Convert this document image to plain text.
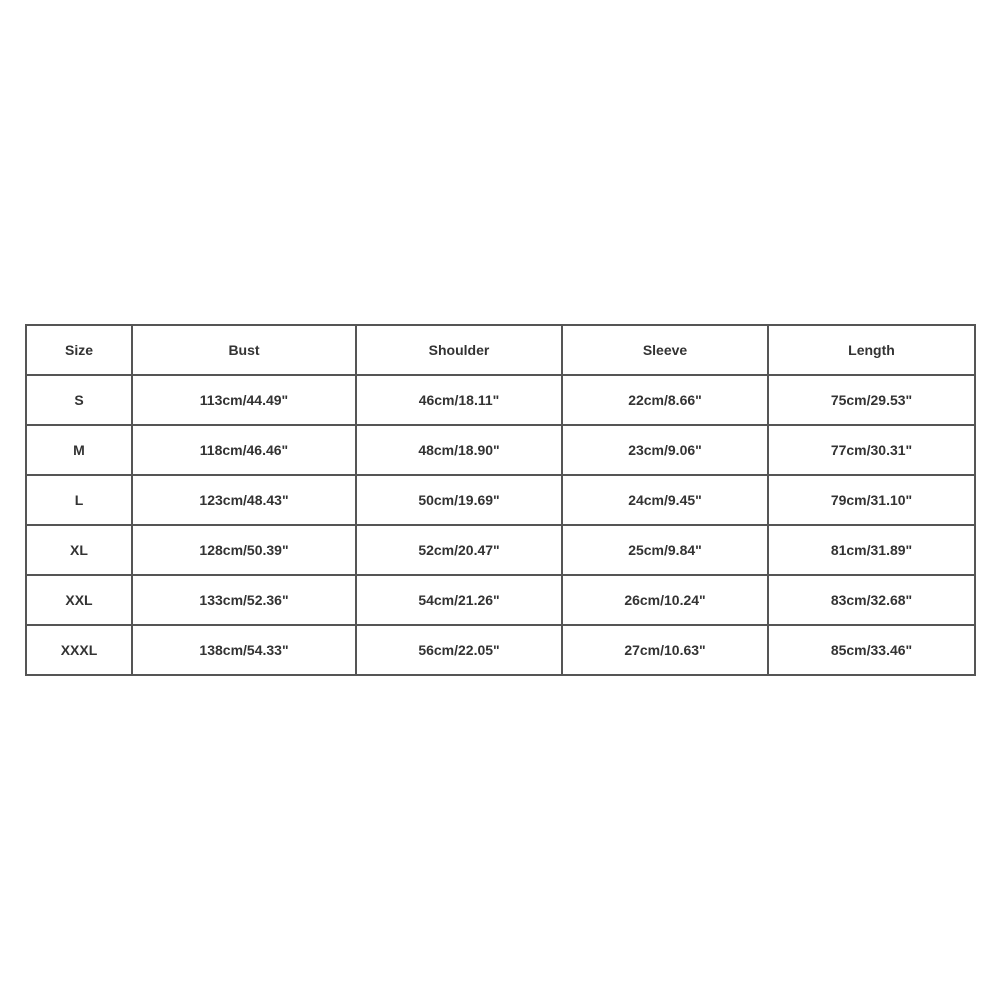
Size	Bust	Shoulder	Sleeve	Length
S	113cm/44.49"	46cm/18.11"	22cm/8.66"	75cm/29.53"
M	118cm/46.46"	48cm/18.90"	23cm/9.06"	77cm/30.31"
L	123cm/48.43"	50cm/19.69"	24cm/9.45"	79cm/31.10"
XL	128cm/50.39"	52cm/20.47"	25cm/9.84"	81cm/31.89"
XXL	133cm/52.36"	54cm/21.26"	26cm/10.24"	83cm/32.68"
XXXL	138cm/54.33"	56cm/22.05"	27cm/10.63"	85cm/33.46"
